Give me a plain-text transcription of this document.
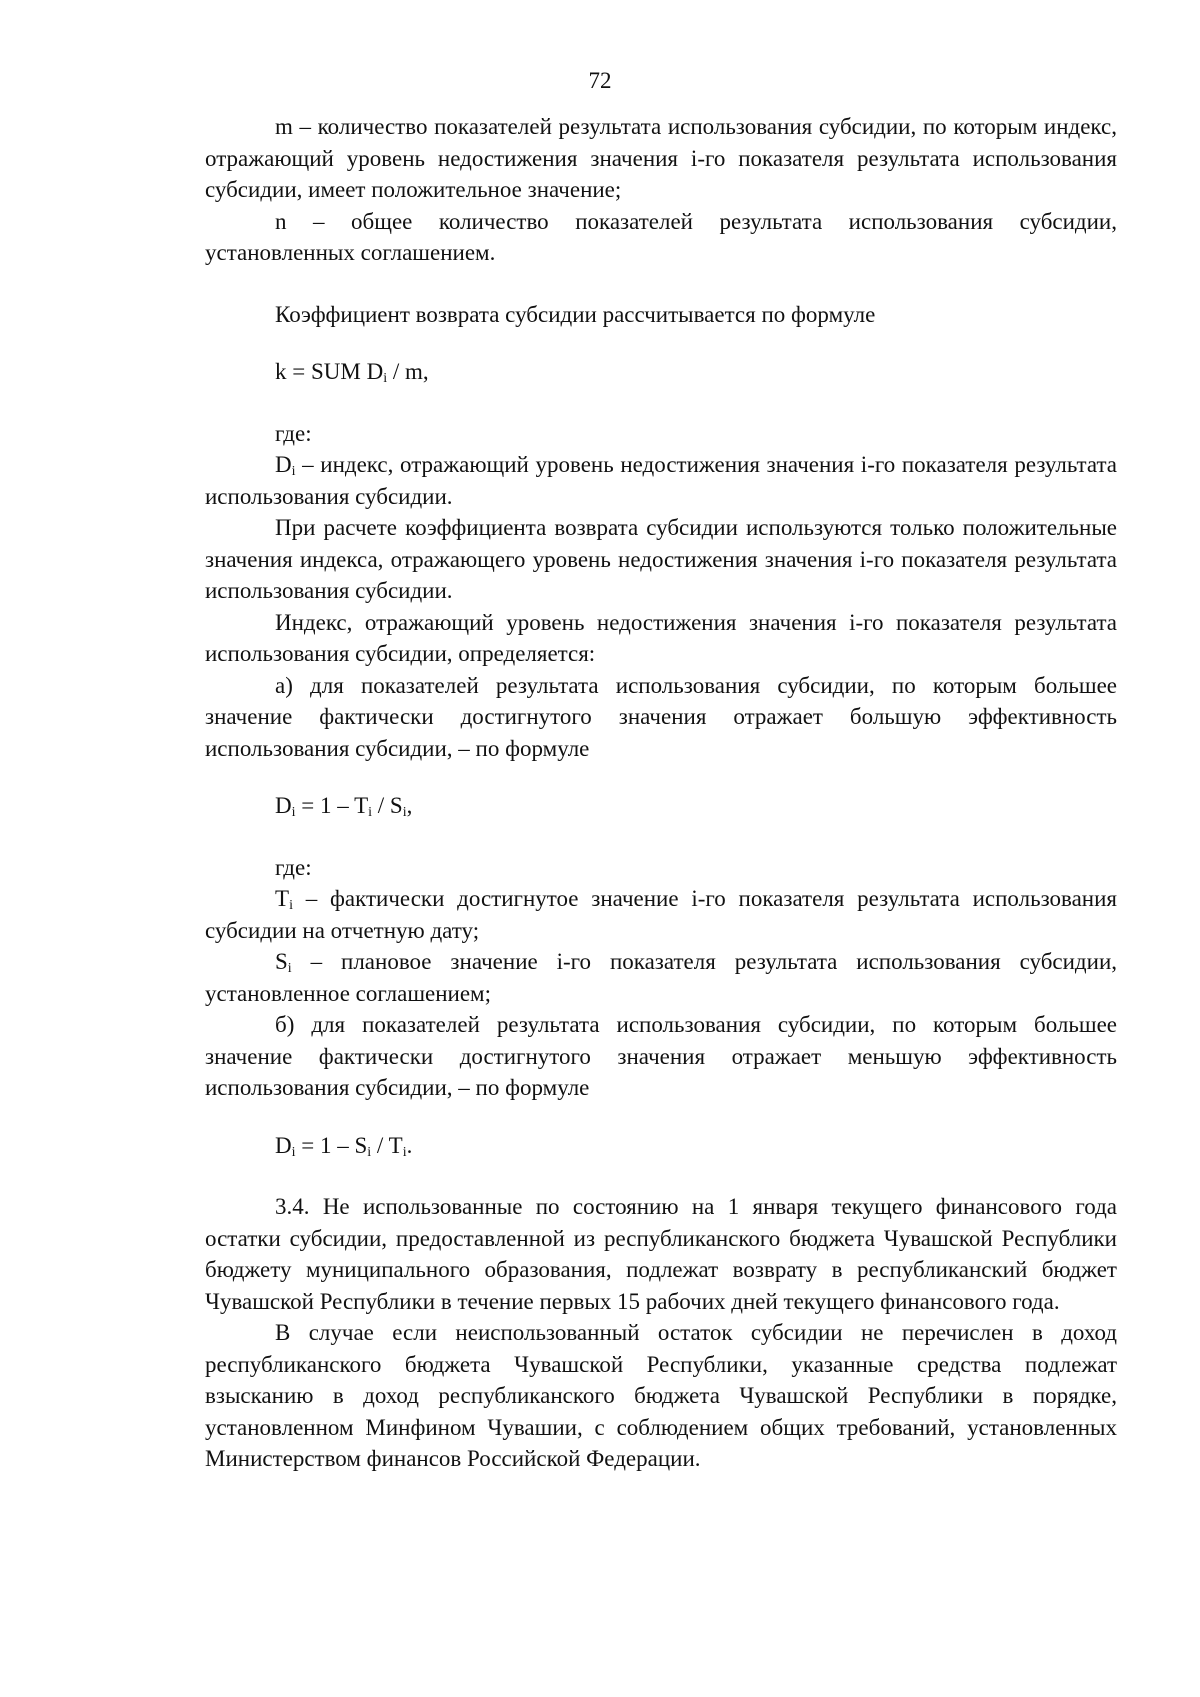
72

m – количество показателей результата использования субсидии, по которым индекс, отражающий уровень недостижения значения i-го показателя результата использования субсидии, имеет положительное значение;

n – общее количество показателей результата использования субсидии, установленных соглашением.

Коэффициент возврата субсидии рассчитывается по формуле

k = SUM $D_i$ / m,

где:

$D_i$ – индекс, отражающий уровень недостижения значения i-го показателя результата использования субсидии.

При расчете коэффициента возврата субсидии используются только положительные значения индекса, отражающего уровень недостижения значения i-го показателя результата использования субсидии.

Индекс, отражающий уровень недостижения значения i-го показателя результата использования субсидии, определяется:

а) для показателей результата использования субсидии, по которым большее значение фактически достигнутого значения отражает большую эффективность использования субсидии, – по формуле

$D_i = 1 - T_i / S_i$,

где:

$T_i$ – фактически достигнутое значение i-го показателя результата использования субсидии на отчетную дату;

$S_i$ – плановое значение i-го показателя результата использования субсидии, установленное соглашением;

б) для показателей результата использования субсидии, по которым большее значение фактически достигнутого значения отражает меньшую эффективность использования субсидии, – по формуле

$D_i = 1 - S_i / T_i$.

3.4. Не использованные по состоянию на 1 января текущего финансового года остатки субсидии, предоставленной из республиканского бюджета Чувашской Республики бюджету муниципального образования, подлежат возврату в республиканский бюджет Чувашской Республики в течение первых 15 рабочих дней текущего финансового года.

В случае если неиспользованный остаток субсидии не перечислен в доход республиканского бюджета Чувашской Республики, указанные средства подлежат взысканию в доход республиканского бюджета Чувашской Республики в порядке, установленном Минфином Чувашии, с соблюдением общих требований, установленных Министерством финансов Российской Федерации.
